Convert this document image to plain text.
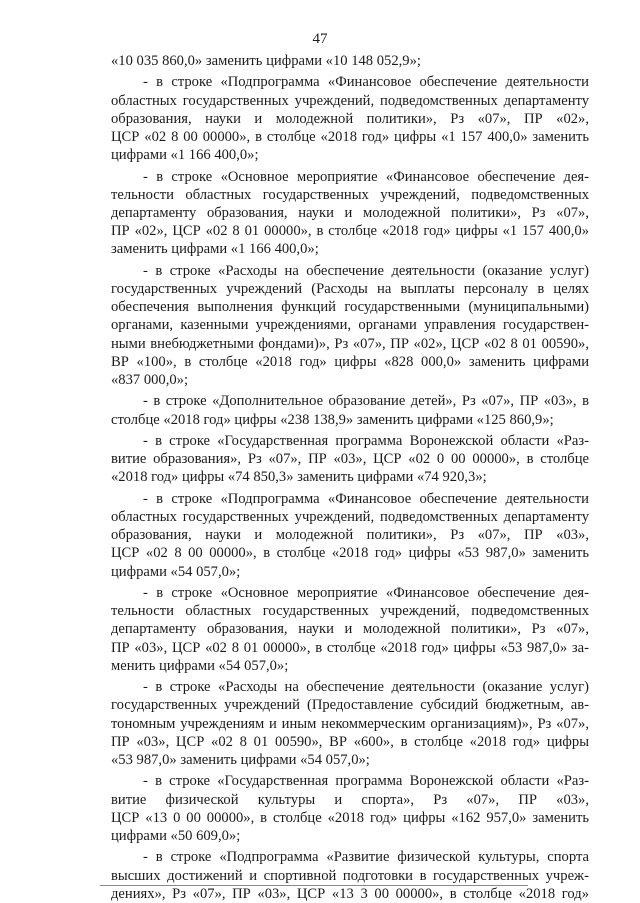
47
«10 035 860,0» заменить цифрами «10 148 052,9»;
- в строке «Подпрограмма «Финансовое обеспечение деятельности
областных государственных учреждений, подведомственных департаменту
образования, науки и молодежной политики», Рз «07», ПР «02»,
ЦСР «02 8 00 00000», в столбце «2018 год» цифры «1 157 400,0» заменить
цифрами «1 166 400,0»;
- в строке «Основное мероприятие «Финансовое обеспечение дея-
тельности областных государственных учреждений, подведомственных
департаменту образования, науки и молодежной политики», Рз «07»,
ПР «02», ЦСР «02 8 01 00000», в столбце «2018 год» цифры «1 157 400,0»
заменить цифрами «1 166 400,0»;
- в строке «Расходы на обеспечение деятельности (оказание услуг)
государственных учреждений (Расходы на выплаты персоналу в целях
обеспечения выполнения функций государственными (муниципальными)
органами, казенными учреждениями, органами управления государствен-
ными внебюджетными фондами)», Рз «07», ПР «02», ЦСР «02 8 01 00590»,
ВР «100», в столбце «2018 год» цифры «828 000,0» заменить цифрами
«837 000,0»;
- в строке «Дополнительное образование детей», Рз «07», ПР «03», в
столбце «2018 год» цифры «238 138,9» заменить цифрами «125 860,9»;
- в строке «Государственная программа Воронежской области «Раз-
витие образования», Рз «07», ПР «03», ЦСР «02 0 00 00000», в столбце
«2018 год» цифры «74 850,3» заменить цифрами «74 920,3»;
- в строке «Подпрограмма «Финансовое обеспечение деятельности
областных государственных учреждений, подведомственных департаменту
образования, науки и молодежной политики», Рз «07», ПР «03»,
ЦСР «02 8 00 00000», в столбце «2018 год» цифры «53 987,0» заменить
цифрами «54 057,0»;
- в строке «Основное мероприятие «Финансовое обеспечение дея-
тельности областных государственных учреждений, подведомственных
департаменту образования, науки и молодежной политики», Рз «07»,
ПР «03», ЦСР «02 8 01 00000», в столбце «2018 год» цифры «53 987,0» за-
менить цифрами «54 057,0»;
- в строке «Расходы на обеспечение деятельности (оказание услуг)
государственных учреждений (Предоставление субсидий бюджетным, ав-
тономным учреждениям и иным некоммерческим организациям)», Рз «07»,
ПР «03», ЦСР «02 8 01 00590», ВР «600», в столбце «2018 год» цифры
«53 987,0» заменить цифрами «54 057,0»;
- в строке «Государственная программа Воронежской области «Раз-
витие физической культуры и спорта», Рз «07», ПР «03»,
ЦСР «13 0 00 00000», в столбце «2018 год» цифры «162 957,0» заменить
цифрами «50 609,0»;
- в строке «Подпрограмма «Развитие физической культуры, спорта
высших достижений и спортивной подготовки в государственных учреж-
дениях», Рз «07», ПР «03», ЦСР «13 3 00 00000», в столбце «2018 год»
